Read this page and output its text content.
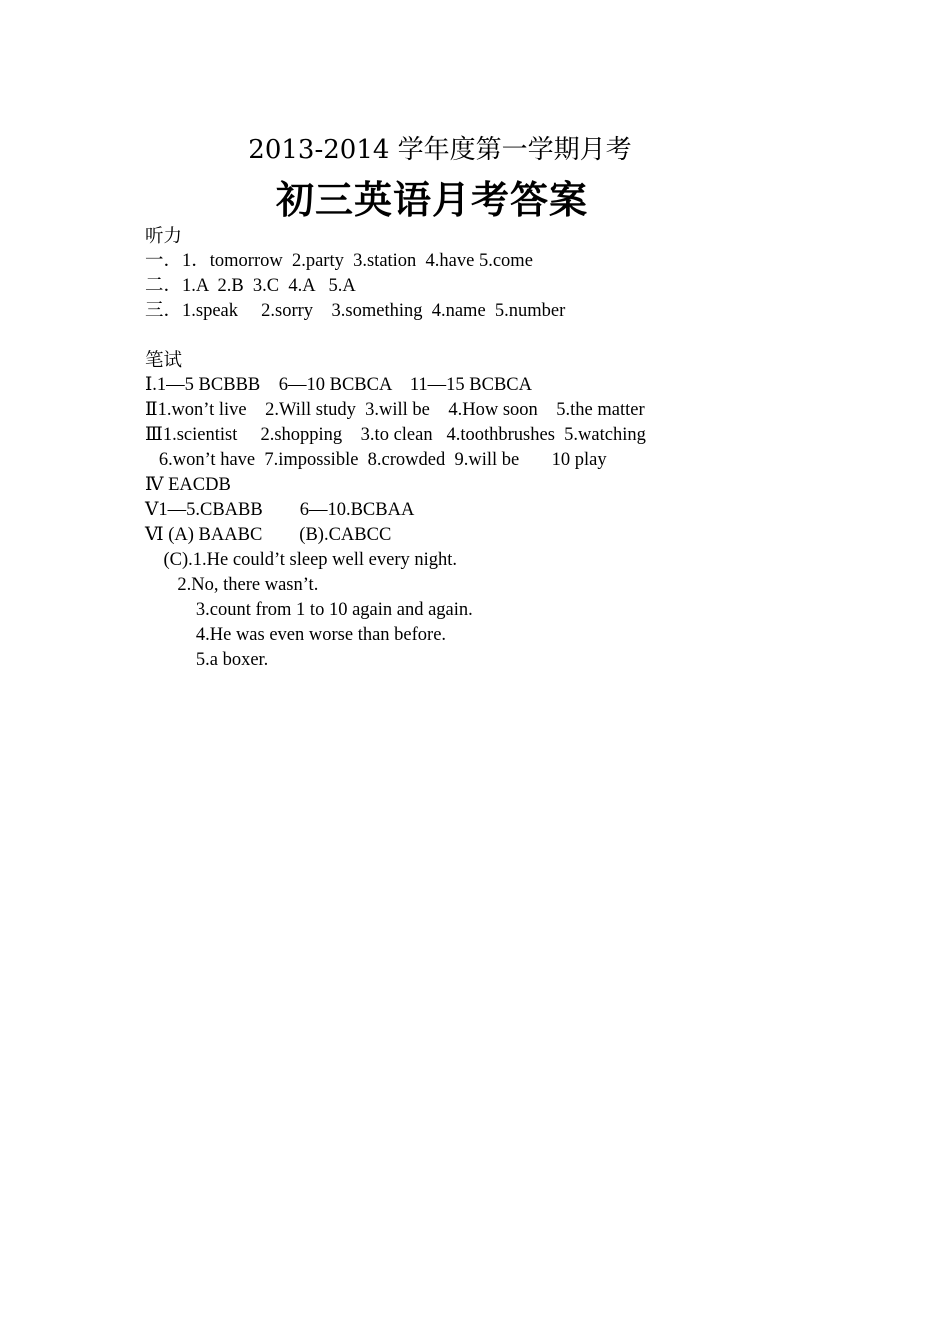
2013-2014 学年度第一学期月考
初三英语月考答案
听力
一．1．tomorrow  2.party  3.station  4.have 5.come
二．1.A  2.B  3.C  4.A   5.A
三．1.speak     2.sorry    3.something  4.name  5.number
笔试
Ⅰ.1—5 BCBBB    6—10 BCBCA    11—15 BCBCA
Ⅱ1.won’t live    2.Will study  3.will be    4.How soon    5.the matter
Ⅲ1.scientist     2.shopping    3.to clean   4.toothbrushes  5.watching
6.won’t have  7.impossible  8.crowded  9.will be       10 play
Ⅳ EACDB
Ⅴ1—5.CBABB        6—10.BCBAA
Ⅵ (A) BAABC        (B).CABCC
(C).1.He could’t sleep well every night.
2.No, there wasn’t.
3.count from 1 to 10 again and again.
4.He was even worse than before.
5.a boxer.
